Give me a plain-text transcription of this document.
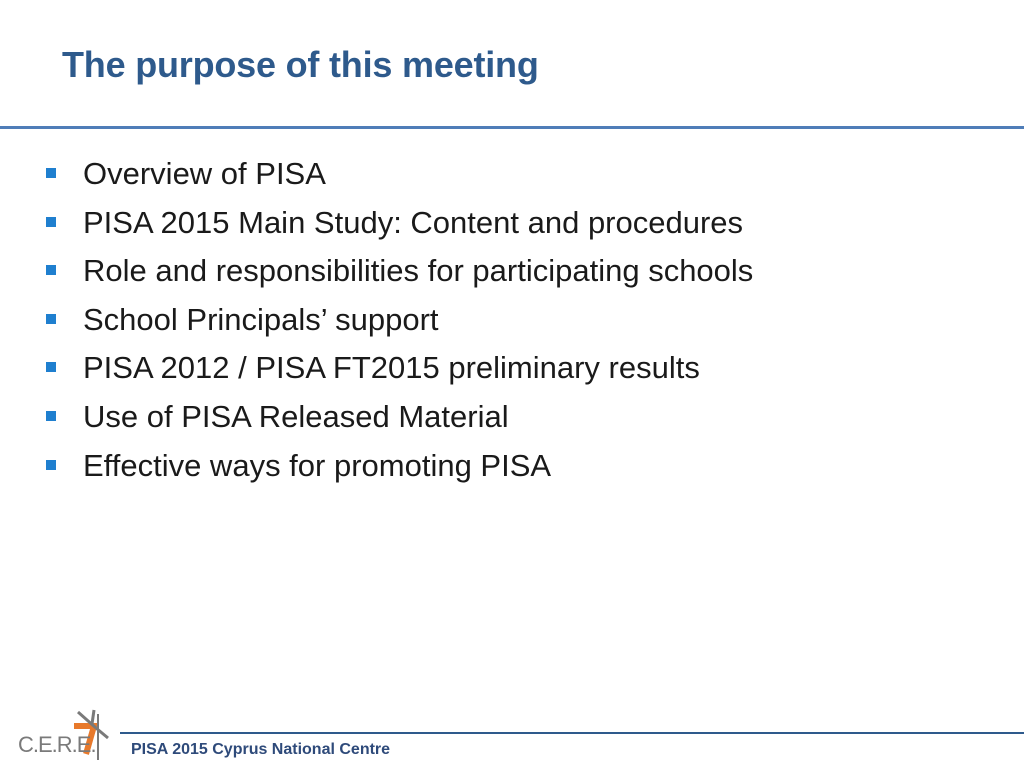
The purpose of this meeting
Overview of PISA
PISA 2015 Main Study: Content and procedures
Role and responsibilities for participating schools
School Principals’ support
PISA 2012 / PISA FT2015 preliminary results
Use of PISA Released Material
Effective ways for promoting PISA
C.E.R.E. PISA 2015 Cyprus National Centre
